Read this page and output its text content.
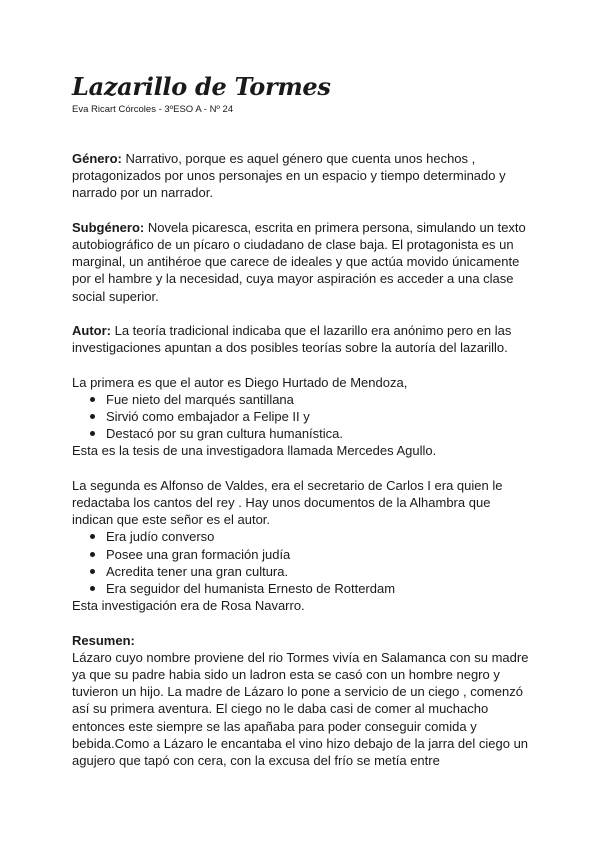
Lazarillo de Tormes

Eva Ricart Córcoles - 3ºESO A - Nº 24

Género: Narrativo, porque es aquel género que cuenta unos hechos , protagonizados por unos personajes en un espacio y tiempo determinado y narrado por un narrador.

Subgénero: Novela picaresca, escrita en primera persona, simulando un texto autobiográfico de un pícaro o ciudadano de clase baja. El protagonista es un marginal, un antihéroe que carece de ideales y que actúa movido únicamente por el hambre y la necesidad, cuya mayor aspiración es acceder a una clase social superior.

Autor: La teoría tradicional indicaba que el lazarillo era anónimo pero en las investigaciones apuntan a dos posibles teorías sobre la autoría del lazarillo.

La primera es que el autor es Diego Hurtado de Mendoza,

Fue nieto del marqués santillana
Sirvió como embajador a Felipe II y
Destacó por su gran cultura humanística.

Esta es la tesis de una investigadora llamada Mercedes Agullo.

La segunda es Alfonso de Valdes, era el secretario de Carlos I era quien le redactaba los cantos del rey . Hay unos documentos de la Alhambra que indican que este señor es el autor.

Era judío converso
Posee una gran formación judía
Acredita tener una gran cultura.
Era seguidor del humanista Ernesto de Rotterdam

Esta investigación era de Rosa Navarro.

Resumen:

Lázaro cuyo nombre proviene del rio Tormes vivía en Salamanca con su madre ya que su padre habia sido un ladron esta se casó con un hombre negro y tuvieron un hijo. La madre de Lázaro lo pone a servicio de un ciego , comenzó así su primera aventura. El ciego no le daba casi de comer al muchacho entonces este siempre se las apañaba para poder conseguir comida y bebida.Como a Lázaro le encantaba el vino hizo debajo de la jarra del ciego un agujero que tapó con cera, con la excusa del frío se metía entre
